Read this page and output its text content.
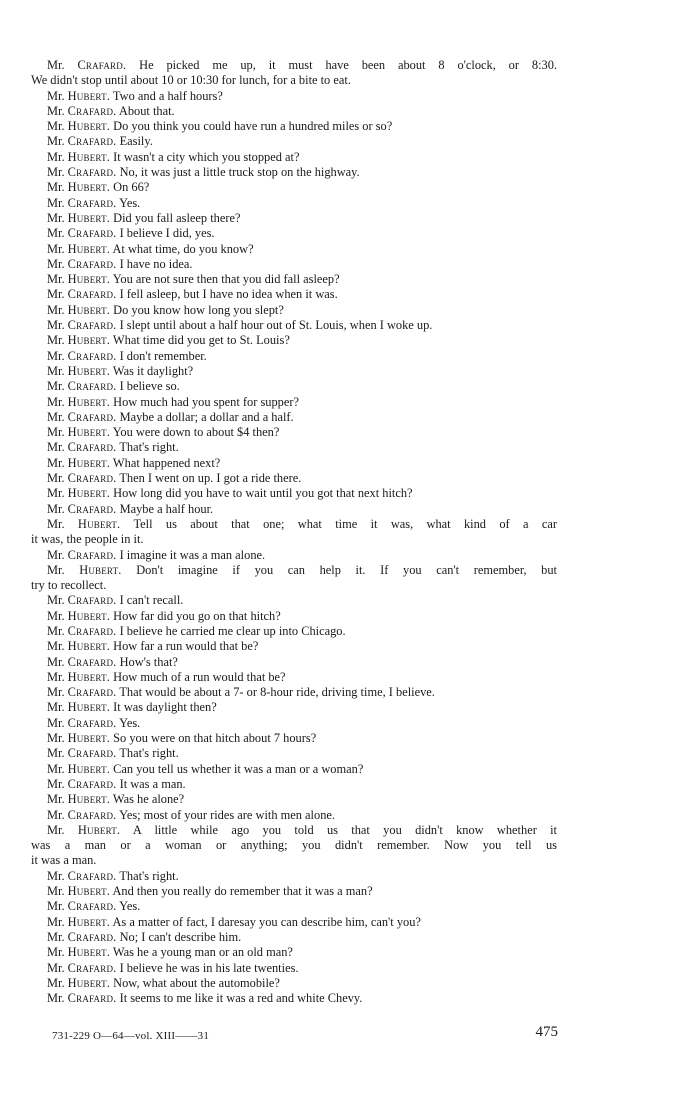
Mr. Crafard. He picked me up, it must have been about 8 o'clock, or 8:30.
We didn't stop until about 10 or 10:30 for lunch, for a bite to eat.
Mr. Hubert. Two and a half hours?
Mr. Crafard. About that.
Mr. Hubert. Do you think you could have run a hundred miles or so?
Mr. Crafard. Easily.
Mr. Hubert. It wasn't a city which you stopped at?
Mr. Crafard. No, it was just a little truck stop on the highway.
Mr. Hubert. On 66?
Mr. Crafard. Yes.
Mr. Hubert. Did you fall asleep there?
Mr. Crafard. I believe I did, yes.
Mr. Hubert. At what time, do you know?
Mr. Crafard. I have no idea.
Mr. Hubert. You are not sure then that you did fall asleep?
Mr. Crafard. I fell asleep, but I have no idea when it was.
Mr. Hubert. Do you know how long you slept?
Mr. Crafard. I slept until about a half hour out of St. Louis, when I woke up.
Mr. Hubert. What time did you get to St. Louis?
Mr. Crafard. I don't remember.
Mr. Hubert. Was it daylight?
Mr. Crafard. I believe so.
Mr. Hubert. How much had you spent for supper?
Mr. Crafard. Maybe a dollar; a dollar and a half.
Mr. Hubert. You were down to about $4 then?
Mr. Crafard. That's right.
Mr. Hubert. What happened next?
Mr. Crafard. Then I went on up. I got a ride there.
Mr. Hubert. How long did you have to wait until you got that next hitch?
Mr. Crafard. Maybe a half hour.
Mr. Hubert. Tell us about that one; what time it was, what kind of a car
it was, the people in it.
Mr. Crafard. I imagine it was a man alone.
Mr. Hubert. Don't imagine if you can help it. If you can't remember, but
try to recollect.
Mr. Crafard. I can't recall.
Mr. Hubert. How far did you go on that hitch?
Mr. Crafard. I believe he carried me clear up into Chicago.
Mr. Hubert. How far a run would that be?
Mr. Crafard. How's that?
Mr. Hubert. How much of a run would that be?
Mr. Crafard. That would be about a 7- or 8-hour ride, driving time, I believe.
Mr. Hubert. It was daylight then?
Mr. Crafard. Yes.
Mr. Hubert. So you were on that hitch about 7 hours?
Mr. Crafard. That's right.
Mr. Hubert. Can you tell us whether it was a man or a woman?
Mr. Crafard. It was a man.
Mr. Hubert. Was he alone?
Mr. Crafard. Yes; most of your rides are with men alone.
Mr. Hubert. A little while ago you told us that you didn't know whether it
was a man or a woman or anything; you didn't remember. Now you tell us
it was a man.
Mr. Crafard. That's right.
Mr. Hubert. And then you really do remember that it was a man?
Mr. Crafard. Yes.
Mr. Hubert. As a matter of fact, I daresay you can describe him, can't you?
Mr. Crafard. No; I can't describe him.
Mr. Hubert. Was he a young man or an old man?
Mr. Crafard. I believe he was in his late twenties.
Mr. Hubert. Now, what about the automobile?
Mr. Crafard. It seems to me like it was a red and white Chevy.
731-229 O—64—vol. XIII——31	475
